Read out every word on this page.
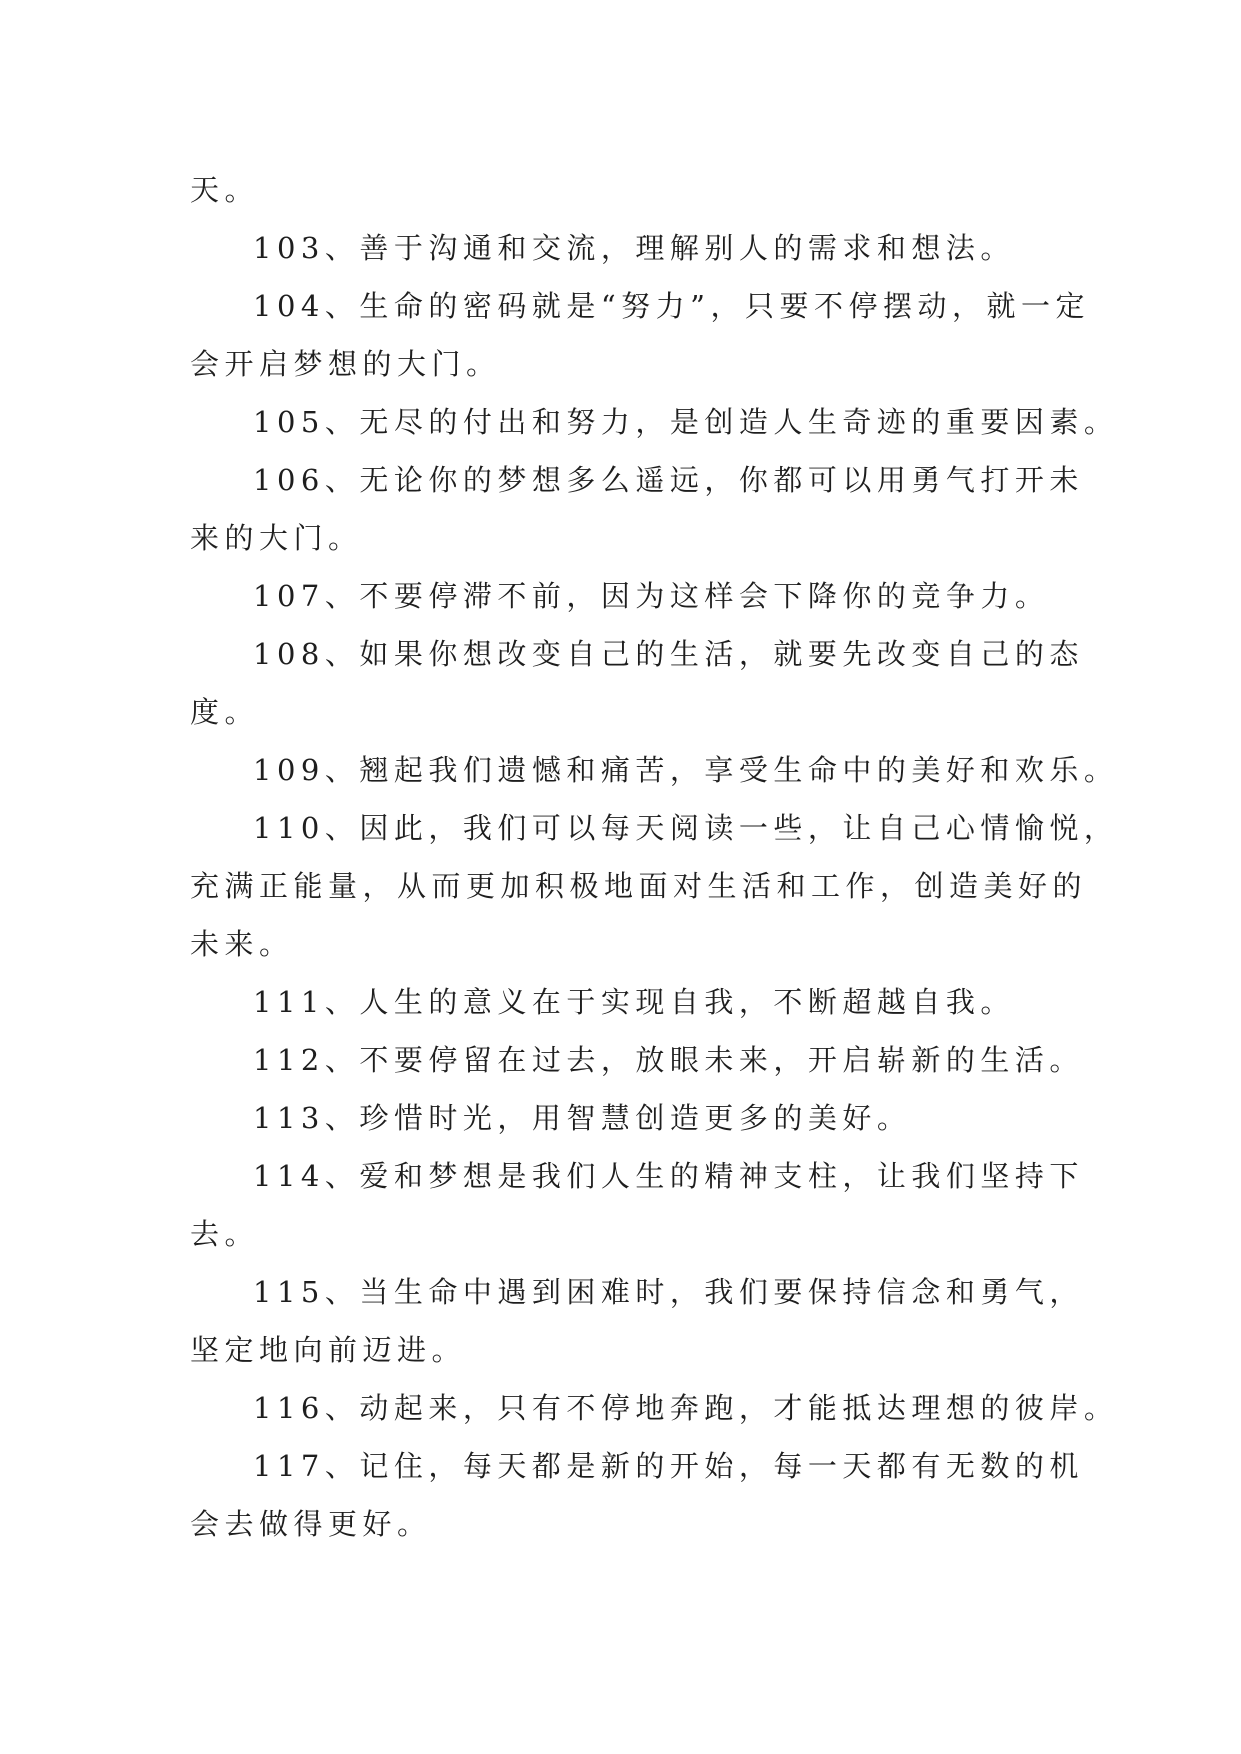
天。

103、善于沟通和交流，理解别人的需求和想法。

104、生命的密码就是“努力”，只要不停摆动，就一定
会开启梦想的大门。

105、无尽的付出和努力，是创造人生奇迹的重要因素。

106、无论你的梦想多么遥远，你都可以用勇气打开未
来的大门。

107、不要停滞不前，因为这样会下降你的竞争力。

108、如果你想改变自己的生活，就要先改变自己的态
度。

109、翘起我们遗憾和痛苦，享受生命中的美好和欢乐。

110、因此，我们可以每天阅读一些，让自己心情愉悦，
充满正能量，从而更加积极地面对生活和工作，创造美好的
未来。

111、人生的意义在于实现自我，不断超越自我。

112、不要停留在过去，放眼未来，开启崭新的生活。

113、珍惜时光，用智慧创造更多的美好。

114、爱和梦想是我们人生的精神支柱，让我们坚持下
去。

115、当生命中遇到困难时，我们要保持信念和勇气，
坚定地向前迈进。

116、动起来，只有不停地奔跑，才能抵达理想的彼岸。

117、记住，每天都是新的开始，每一天都有无数的机
会去做得更好。
